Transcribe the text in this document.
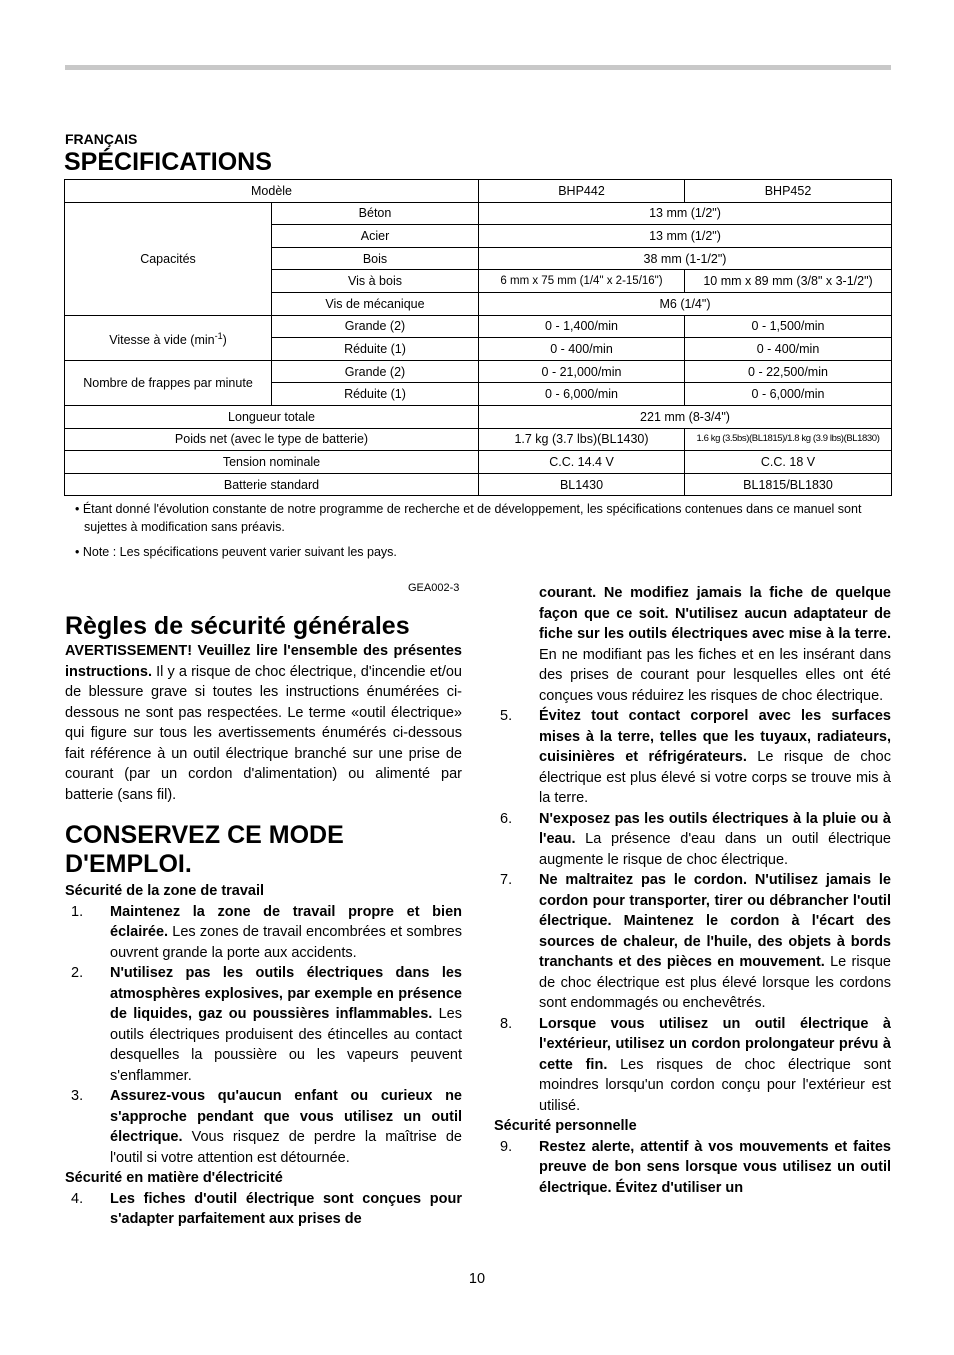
FRANÇAIS
SPÉCIFICATIONS
Modèle		BHP442	BHP452
Capacités	Béton	13 mm (1/2")	
	Acier	13 mm (1/2")	
	Bois	38 mm (1-1/2")	
	Vis à bois	6 mm x 75 mm (1/4" x 2-15/16")	10 mm x 89 mm (3/8" x 3-1/2")
	Vis de mécanique	M6 (1/4")	
Vitesse à vide $(\min^{-1})$	Grande (2)	0 - 1,400/min	0 - 1,500/min
	Réduite (1)	0 - 400/min	0 - 400/min
Nombre de frappes par minute	Grande (2)	0 - 21,000/min	0 - 22,500/min
	Réduite (1)	0 - 6,000/min	0 - 6,000/min
Longueur totale		221 mm (8-3/4")	
Poids net (avec le type de batterie)		1.7 kg (3.7 lbs)(BL1430)	1.6 kg (3.5bs)(BL1815)/1.8 kg (3.9 lbs)(BL1830)
Tension nominale		C.C. 14.4 V	C.C. 18 V
Batterie standard		BL1430	BL1815/BL1830

• Étant donné l'évolution constante de notre programme de recherche et de développement, les spécifications contenues dans ce manuel sont sujettes à modification sans préavis.

• Note : Les spécifications peuvent varier suivant les pays.

GEA002-3
Règles de sécurité générales

AVERTISSEMENT! Veuillez lire l'ensemble des présentes instructions. Il y a risque de choc électrique, d'incendie et/ou de blessure grave si toutes les instructions énumérées ci-dessous ne sont pas respectées. Le terme «outil électrique» qui figure sur tous les avertissements énumérés ci-dessous fait référence à un outil électrique branché sur une prise de courant (par un cordon d'alimentation) ou alimenté par batterie (sans fil).

CONSERVEZ CE MODE D'EMPLOI.

Sécurité de la zone de travail

1. Maintenez la zone de travail propre et bien éclairée. Les zones de travail encombrées et sombres ouvrent grande la porte aux accidents.
2. N'utilisez pas les outils électriques dans les atmosphères explosives, par exemple en présence de liquides, gaz ou poussières inflammables. Les outils électriques produisent des étincelles au contact desquelles la poussière ou les vapeurs peuvent s'enflammer.
3. Assurez-vous qu'aucun enfant ou curieux ne s'approche pendant que vous utilisez un outil électrique. Vous risquez de perdre la maîtrise de l'outil si votre attention est détournée.

Sécurité en matière d'électricité

4. Les fiches d'outil électrique sont conçues pour s'adapter parfaitement aux prises de
courant. Ne modifiez jamais la fiche de quelque façon que ce soit. N'utilisez aucun adaptateur de fiche sur les outils électriques avec mise à la terre. En ne modifiant pas les fiches et en les insérant dans des prises de courant pour lesquelles elles ont été conçues vous réduirez les risques de choc électrique.
5. Évitez tout contact corporel avec les surfaces mises à la terre, telles que les tuyaux, radiateurs, cuisinières et réfrigérateurs. Le risque de choc électrique est plus élevé si votre corps se trouve mis à la terre.
6. N'exposez pas les outils électriques à la pluie ou à l'eau. La présence d'eau dans un outil électrique augmente le risque de choc électrique.
7. Ne maltraitez pas le cordon. N'utilisez jamais le cordon pour transporter, tirer ou débrancher l'outil électrique. Maintenez le cordon à l'écart des sources de chaleur, de l'huile, des objets à bords tranchants et des pièces en mouvement. Le risque de choc électrique est plus élevé lorsque les cordons sont endommagés ou enchevêtrés.
8. Lorsque vous utilisez un outil électrique à l'extérieur, utilisez un cordon prolongateur prévu à cette fin. Les risques de choc électrique sont moindres lorsqu'un cordon conçu pour l'extérieur est utilisé.

Sécurité personnelle

9. Restez alerte, attentif à vos mouvements et faites preuve de bon sens lorsque vous utilisez un outil électrique. Évitez d'utiliser un
10
